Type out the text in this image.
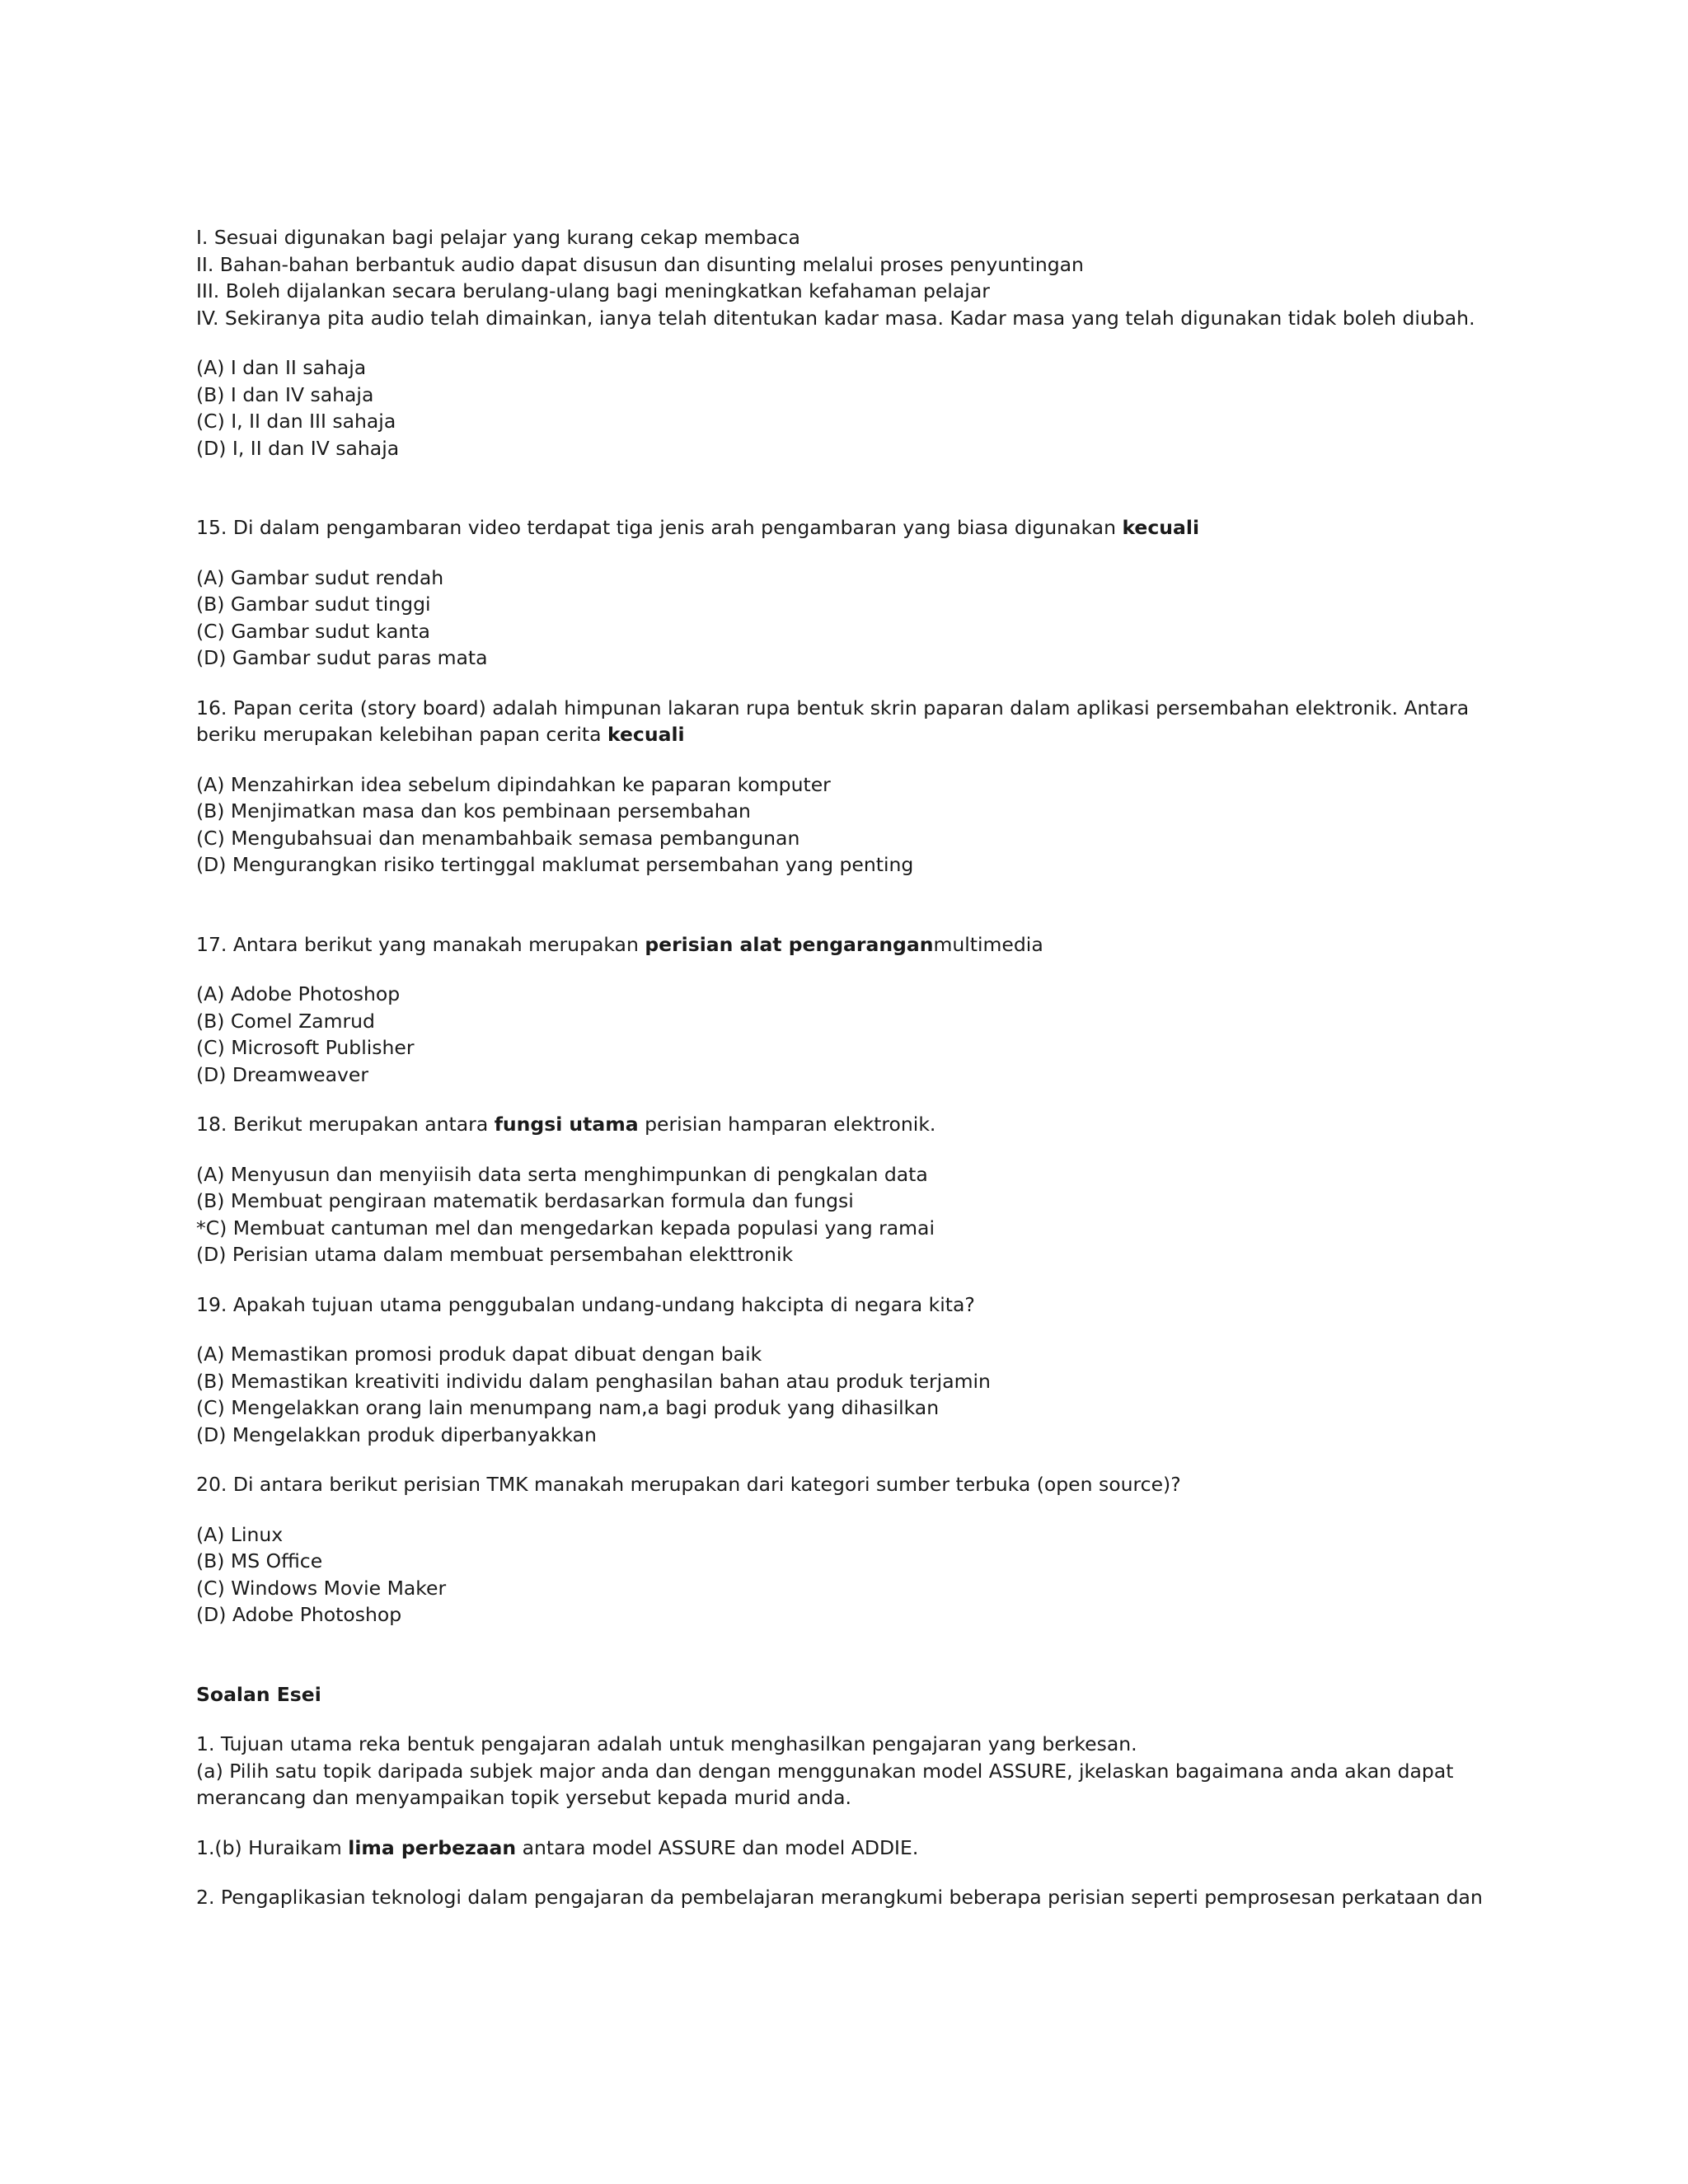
I. Sesuai digunakan bagi pelajar yang kurang cekap membaca

II. Bahan-bahan berbantuk audio dapat disusun dan disunting melalui proses penyuntingan

III. Boleh dijalankan secara berulang-ulang bagi meningkatkan kefahaman pelajar

IV. Sekiranya pita audio telah dimainkan, ianya telah ditentukan kadar masa. Kadar masa yang telah digunakan tidak boleh diubah.

(A) I dan II sahaja

(B) I dan IV sahaja

(C) I, II dan III sahaja

(D) I, II dan IV sahaja

15. Di dalam pengambaran video terdapat tiga jenis arah pengambaran yang biasa digunakan kecuali

(A) Gambar sudut rendah

(B) Gambar sudut tinggi

(C) Gambar sudut kanta

(D) Gambar sudut paras mata

16. Papan cerita (story board) adalah himpunan lakaran rupa bentuk skrin paparan dalam aplikasi persembahan elektronik. Antara beriku merupakan kelebihan papan cerita kecuali

(A) Menzahirkan idea sebelum dipindahkan ke paparan komputer

(B) Menjimatkan masa dan kos pembinaan persembahan

(C) Mengubahsuai dan menambahbaik semasa pembangunan

(D) Mengurangkan risiko tertinggal maklumat persembahan yang penting

17. Antara berikut yang manakah merupakan perisian alat pengaranganmultimedia

(A) Adobe Photoshop

(B) Comel Zamrud

(C) Microsoft Publisher

(D) Dreamweaver

18. Berikut merupakan antara fungsi utama perisian hamparan elektronik.

(A) Menyusun dan menyiisih data serta menghimpunkan di pengkalan data

(B) Membuat pengiraan matematik berdasarkan formula dan fungsi

*C) Membuat cantuman mel dan mengedarkan kepada populasi yang ramai

(D) Perisian utama dalam membuat persembahan elekttronik

19. Apakah tujuan utama penggubalan undang-undang hakcipta di negara kita?

(A) Memastikan promosi produk dapat dibuat dengan baik

(B) Memastikan kreativiti individu dalam penghasilan bahan atau produk terjamin

(C) Mengelakkan orang lain menumpang nam,a bagi produk yang dihasilkan

(D) Mengelakkan produk diperbanyakkan

20. Di antara berikut perisian TMK manakah merupakan dari kategori sumber terbuka (open source)?

(A) Linux

(B) MS Office

(C) Windows Movie Maker

(D) Adobe Photoshop

Soalan Esei

1. Tujuan utama reka bentuk pengajaran adalah untuk menghasilkan pengajaran yang berkesan.

(a) Pilih satu topik daripada subjek major anda dan dengan menggunakan model ASSURE, jkelaskan bagaimana anda akan dapat merancang dan menyampaikan topik yersebut kepada murid anda.

1.(b) Huraikam lima perbezaan antara model ASSURE dan model ADDIE.

2. Pengaplikasian teknologi dalam pengajaran da pembelajaran merangkumi beberapa perisian seperti pemprosesan perkataan dan
